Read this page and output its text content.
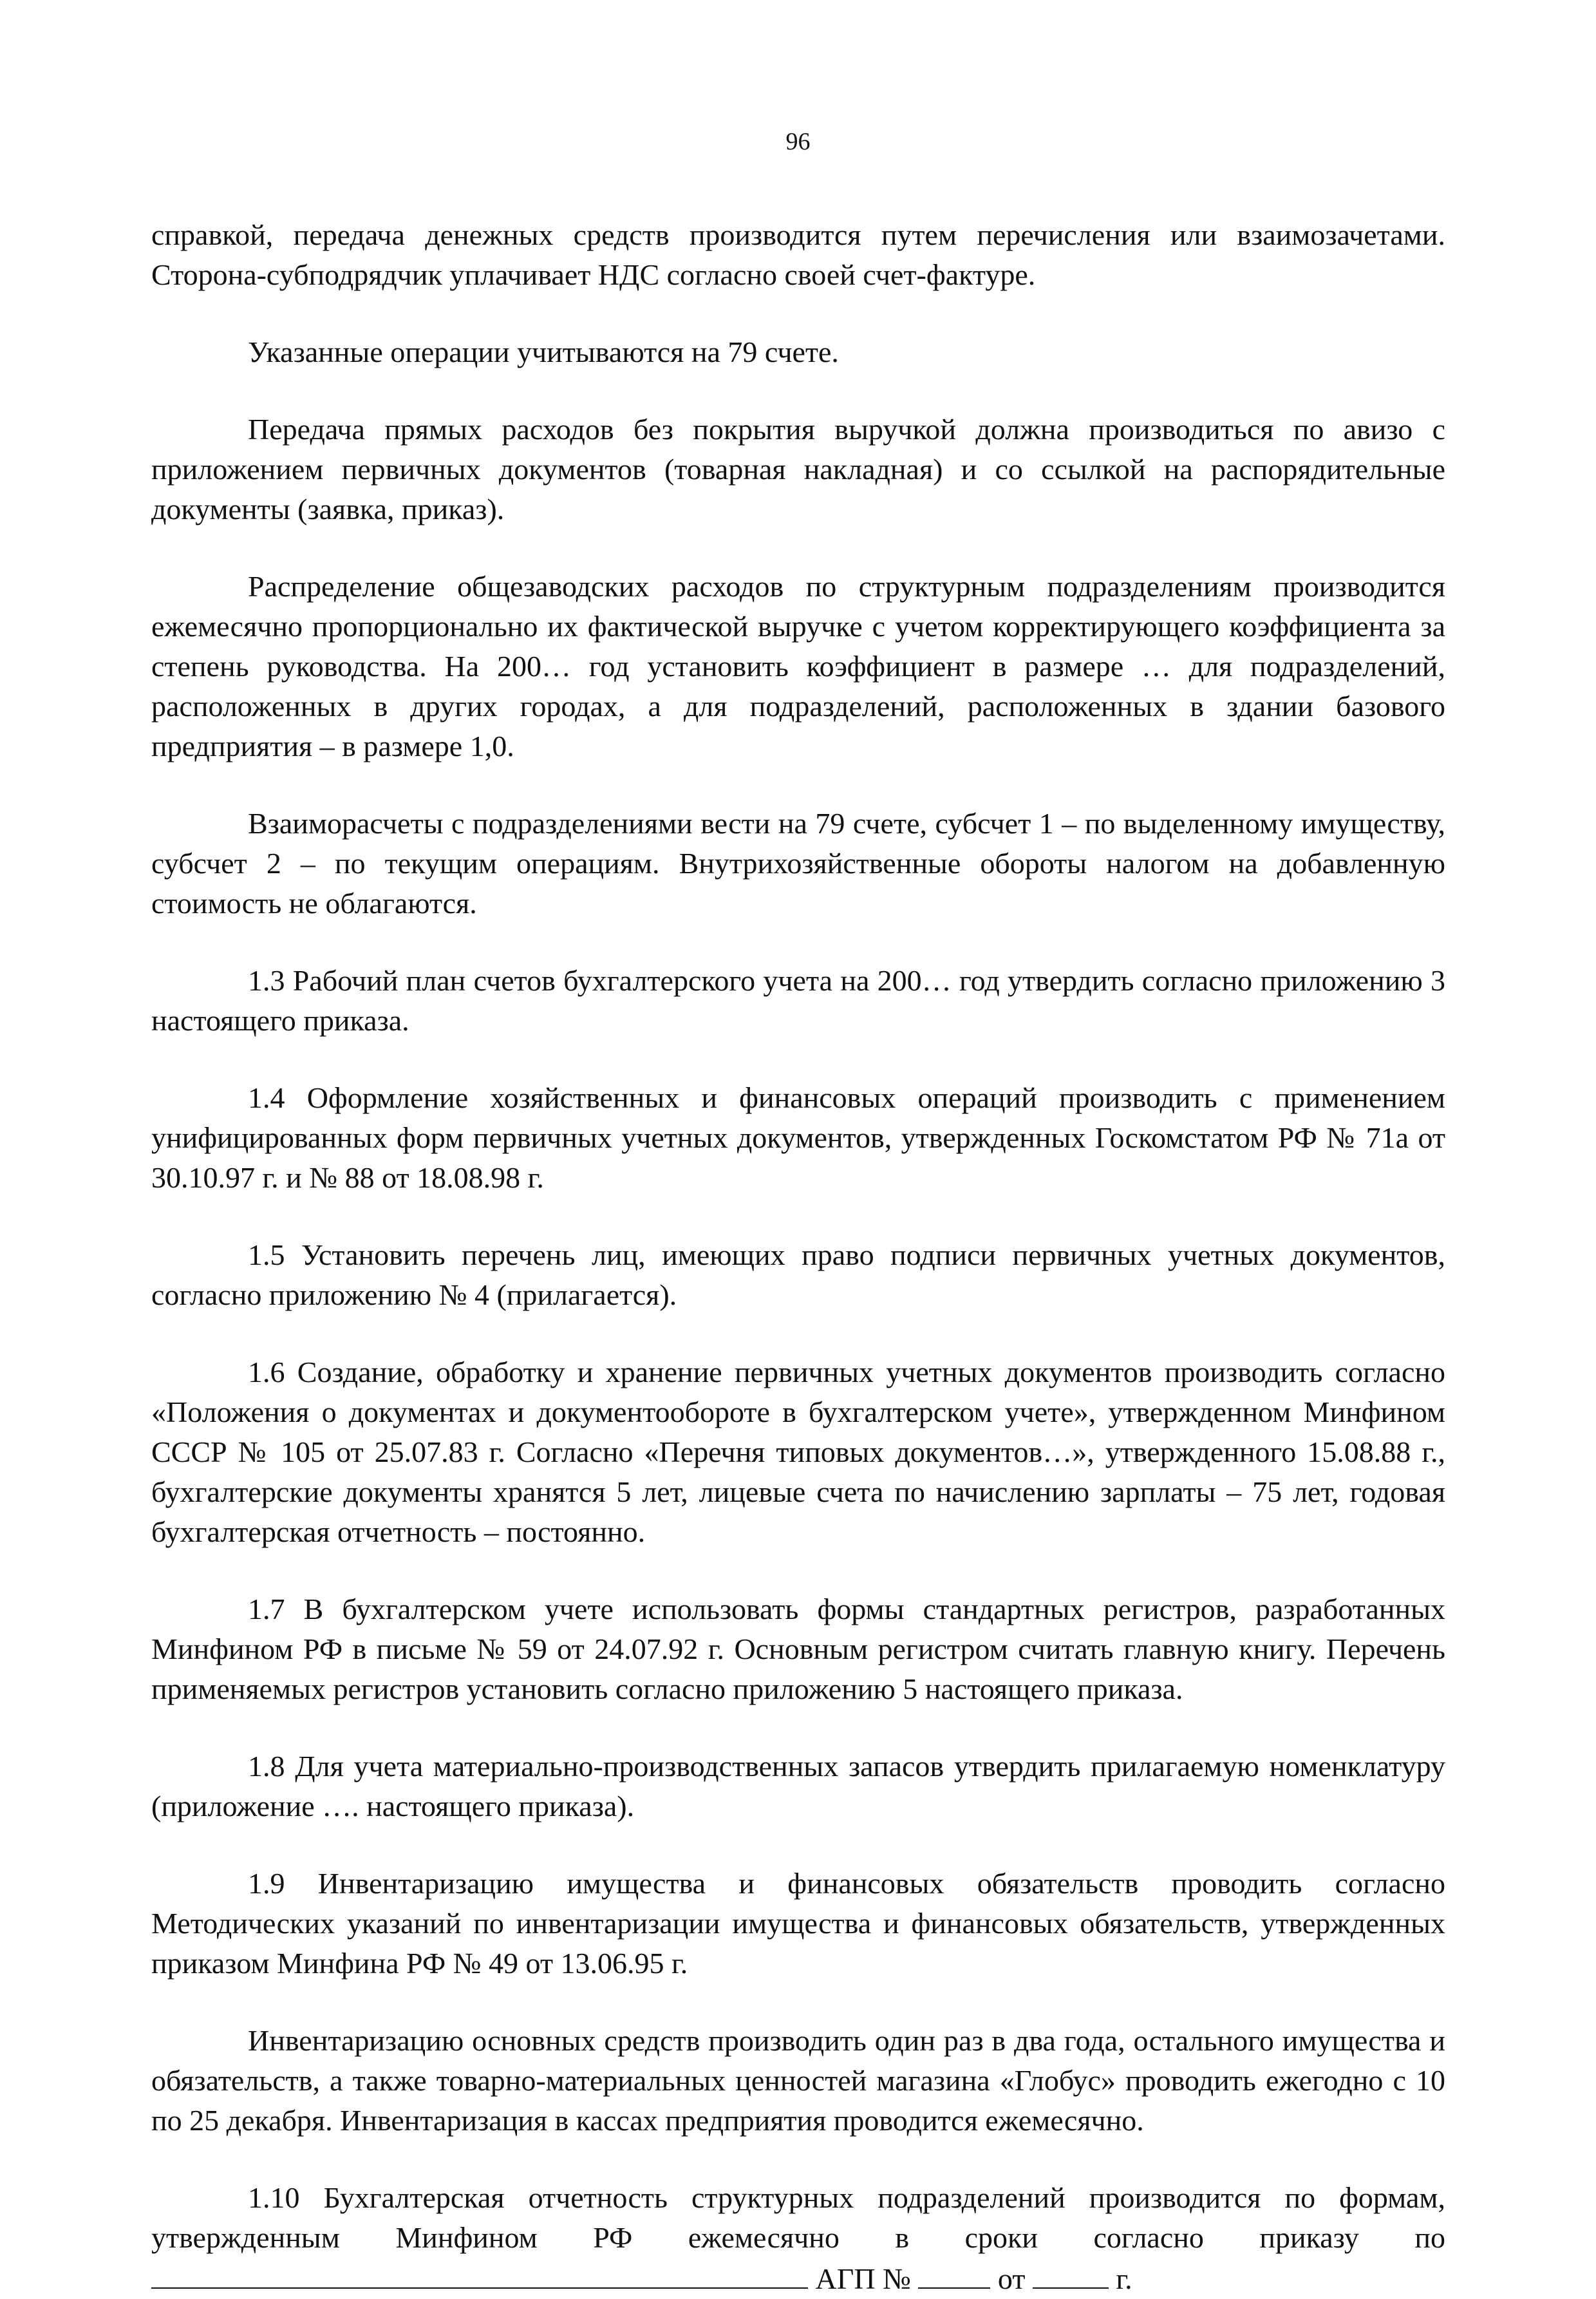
96

справкой, передача денежных средств производится путем перечисления или взаимозачетами. Сторона-субподрядчик уплачивает НДС согласно своей счет-фактуре.

Указанные операции учитываются на 79 счете.

Передача прямых расходов без покрытия выручкой должна производиться по авизо с приложением первичных документов (товарная накладная) и со ссылкой на распорядительные документы (заявка, приказ).

Распределение общезаводских расходов по структурным подразделениям производится ежемесячно пропорционально их фактической выручке с учетом корректирующего коэффициента за степень руководства. На 200… год установить коэффициент в размере … для подразделений, расположенных в других городах, а для подразделений, расположенных в здании базового предприятия – в размере 1,0.

Взаиморасчеты с подразделениями вести на 79 счете, субсчет 1 – по выделенному имуществу, субсчет 2 – по текущим операциям. Внутрихозяйственные обороты налогом на добавленную стоимость не облагаются.

1.3 Рабочий план счетов бухгалтерского учета на 200… год утвердить согласно приложению 3 настоящего приказа.

1.4 Оформление хозяйственных и финансовых операций производить с применением унифицированных форм первичных учетных документов, утвержденных Госкомстатом РФ № 71а от 30.10.97 г. и № 88 от 18.08.98 г.

1.5 Установить перечень лиц, имеющих право подписи первичных учетных документов, согласно приложению № 4 (прилагается).

1.6 Создание, обработку и хранение первичных учетных документов производить согласно «Положения о документах и документообороте в бухгалтерском учете», утвержденном Минфином СССР № 105 от 25.07.83 г. Согласно «Перечня типовых документов…», утвержденного 15.08.88 г., бухгалтерские документы хранятся 5 лет, лицевые счета по начислению зарплаты – 75 лет, годовая бухгалтерская отчетность – постоянно.

1.7 В бухгалтерском учете использовать формы стандартных регистров, разработанных Минфином РФ в письме № 59 от 24.07.92 г. Основным регистром считать главную книгу. Перечень применяемых регистров установить согласно приложению 5 настоящего приказа.

1.8 Для учета материально-производственных запасов утвердить прилагаемую номенклатуру (приложение …. настоящего приказа).

1.9 Инвентаризацию имущества и финансовых обязательств проводить согласно Методических указаний по инвентаризации имущества и финансовых обязательств, утвержденных приказом Минфина РФ № 49 от 13.06.95 г.

Инвентаризацию основных средств производить один раз в два года, остального имущества и обязательств, а также товарно-материальных ценностей магазина «Глобус» проводить ежегодно с 10 по 25 декабря. Инвентаризация в кассах предприятия проводится ежемесячно.

1.10 Бухгалтерская отчетность структурных подразделений производится по формам, утвержденным Минфином РФ ежемесячно в сроки согласно приказу по  АГП №	от	г.
